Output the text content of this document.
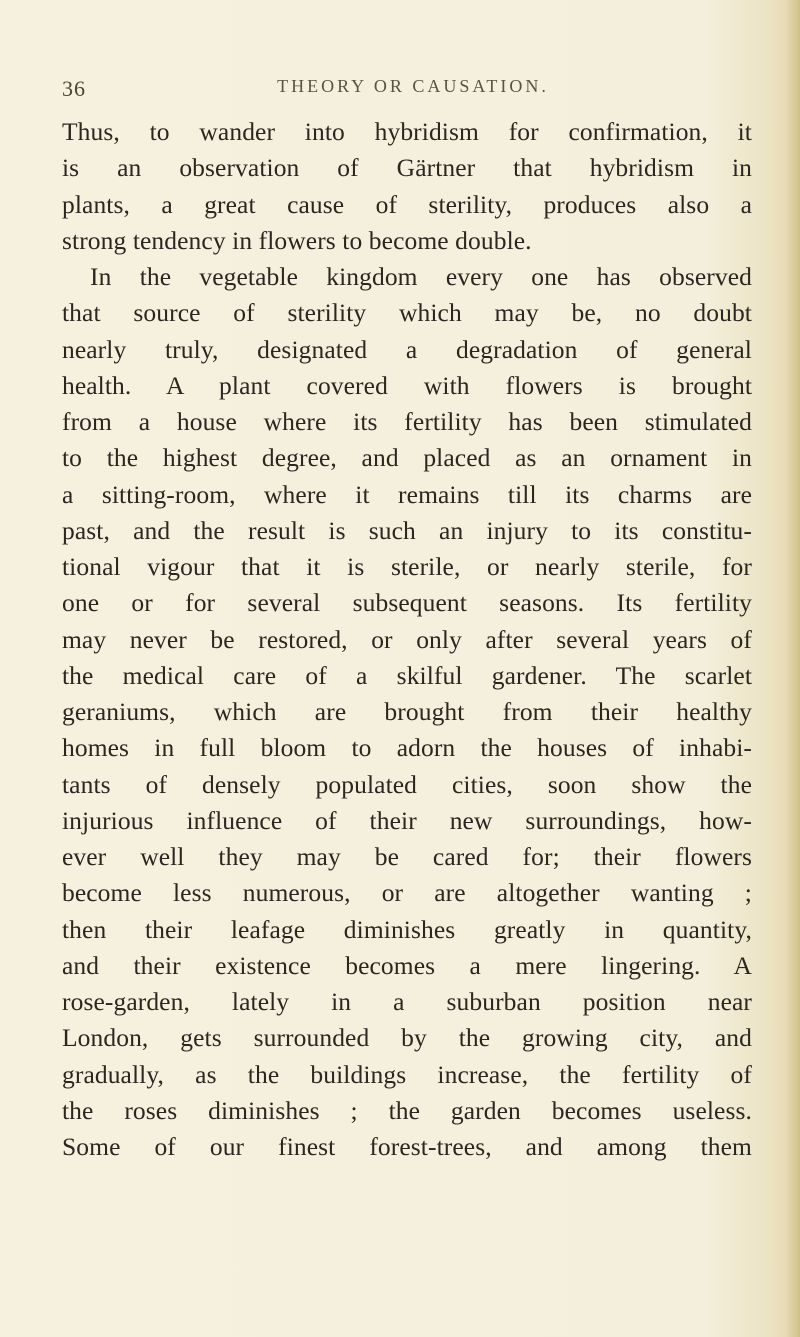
36	THEORY OR CAUSATION.
Thus, to wander into hybridism for confirmation, it
is an observation of Gärtner that hybridism in
plants, a great cause of sterility, produces also a
strong tendency in flowers to become double.
In the vegetable kingdom every one has observed
that source of sterility which may be, no doubt
nearly truly, designated a degradation of general
health. A plant covered with flowers is brought
from a house where its fertility has been stimulated
to the highest degree, and placed as an ornament in
a sitting-room, where it remains till its charms are
past, and the result is such an injury to its constitu-
tional vigour that it is sterile, or nearly sterile, for
one or for several subsequent seasons. Its fertility
may never be restored, or only after several years of
the medical care of a skilful gardener. The scarlet
geraniums, which are brought from their healthy
homes in full bloom to adorn the houses of inhabi-
tants of densely populated cities, soon show the
injurious influence of their new surroundings, how-
ever well they may be cared for; their flowers
become less numerous, or are altogether wanting ;
then their leafage diminishes greatly in quantity,
and their existence becomes a mere lingering. A
rose-garden, lately in a suburban position near
London, gets surrounded by the growing city, and
gradually, as the buildings increase, the fertility of
the roses diminishes ; the garden becomes useless.
Some of our finest forest-trees, and among them
